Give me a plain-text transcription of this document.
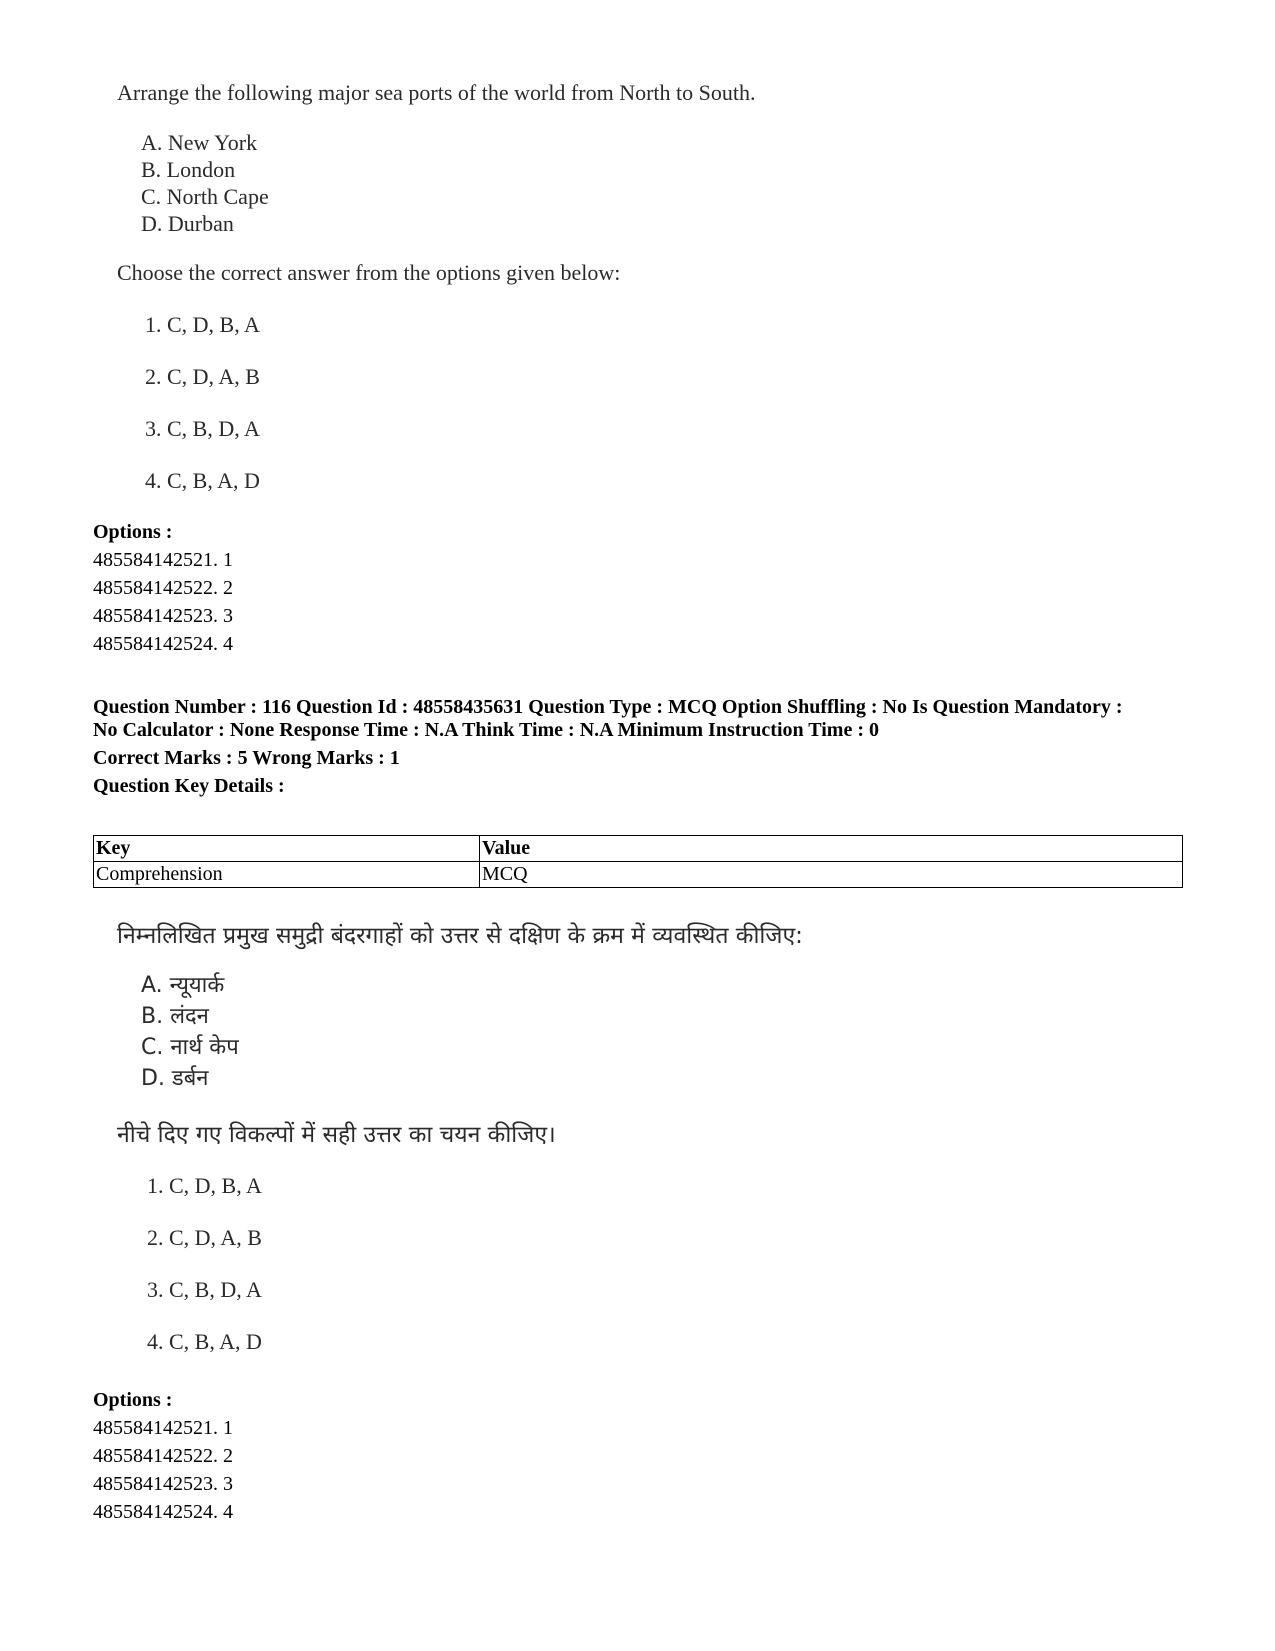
Arrange the following major sea ports of the world from North to South.
A. New York
B. London
C. North Cape
D. Durban
Choose the correct answer from the options given below:
1. C, D, B, A
2. C, D, A, B
3. C, B, D, A
4. C, B, A, D
Options :
485584142521. 1
485584142522. 2
485584142523. 3
485584142524. 4
Question Number : 116 Question Id : 48558435631 Question Type : MCQ Option Shuffling : No Is Question Mandatory :
No Calculator : None Response Time : N.A Think Time : N.A Minimum Instruction Time : 0
Correct Marks : 5 Wrong Marks : 1
Question Key Details :
Key	Value
Comprehension	MCQ
निम्नलिखित प्रमुख समुद्री बंदरगाहों को उत्तर से दक्षिण के क्रम में व्यवस्थित कीजिए:
A. न्यूयार्क
B. लंदन
C. नार्थ केप
D. डर्बन
नीचे दिए गए विकल्पों में सही उत्तर का चयन कीजिए।
1. C, D, B, A
2. C, D, A, B
3. C, B, D, A
4. C, B, A, D
Options :
485584142521. 1
485584142522. 2
485584142523. 3
485584142524. 4
